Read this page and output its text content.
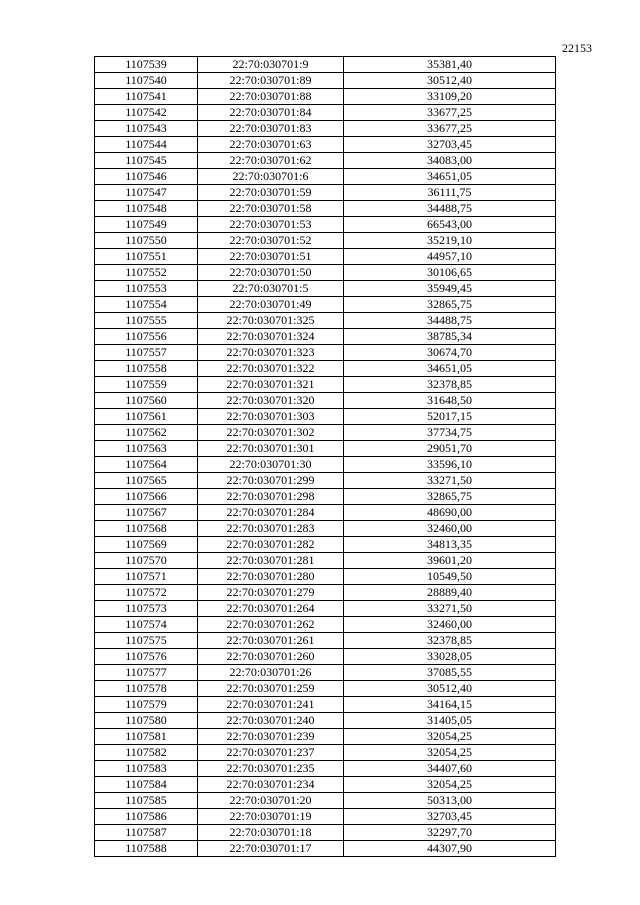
22153
1107539	22:70:030701:9	35381,40
1107540	22:70:030701:89	30512,40
1107541	22:70:030701:88	33109,20
1107542	22:70:030701:84	33677,25
1107543	22:70:030701:83	33677,25
1107544	22:70:030701:63	32703,45
1107545	22:70:030701:62	34083,00
1107546	22:70:030701:6	34651,05
1107547	22:70:030701:59	36111,75
1107548	22:70:030701:58	34488,75
1107549	22:70:030701:53	66543,00
1107550	22:70:030701:52	35219,10
1107551	22:70:030701:51	44957,10
1107552	22:70:030701:50	30106,65
1107553	22:70:030701:5	35949,45
1107554	22:70:030701:49	32865,75
1107555	22:70:030701:325	34488,75
1107556	22:70:030701:324	38785,34
1107557	22:70:030701:323	30674,70
1107558	22:70:030701:322	34651,05
1107559	22:70:030701:321	32378,85
1107560	22:70:030701:320	31648,50
1107561	22:70:030701:303	52017,15
1107562	22:70:030701:302	37734,75
1107563	22:70:030701:301	29051,70
1107564	22:70:030701:30	33596,10
1107565	22:70:030701:299	33271,50
1107566	22:70:030701:298	32865,75
1107567	22:70:030701:284	48690,00
1107568	22:70:030701:283	32460,00
1107569	22:70:030701:282	34813,35
1107570	22:70:030701:281	39601,20
1107571	22:70:030701:280	10549,50
1107572	22:70:030701:279	28889,40
1107573	22:70:030701:264	33271,50
1107574	22:70:030701:262	32460,00
1107575	22:70:030701:261	32378,85
1107576	22:70:030701:260	33028,05
1107577	22:70:030701:26	37085,55
1107578	22:70:030701:259	30512,40
1107579	22:70:030701:241	34164,15
1107580	22:70:030701:240	31405,05
1107581	22:70:030701:239	32054,25
1107582	22:70:030701:237	32054,25
1107583	22:70:030701:235	34407,60
1107584	22:70:030701:234	32054,25
1107585	22:70:030701:20	50313,00
1107586	22:70:030701:19	32703,45
1107587	22:70:030701:18	32297,70
1107588	22:70:030701:17	44307,90
